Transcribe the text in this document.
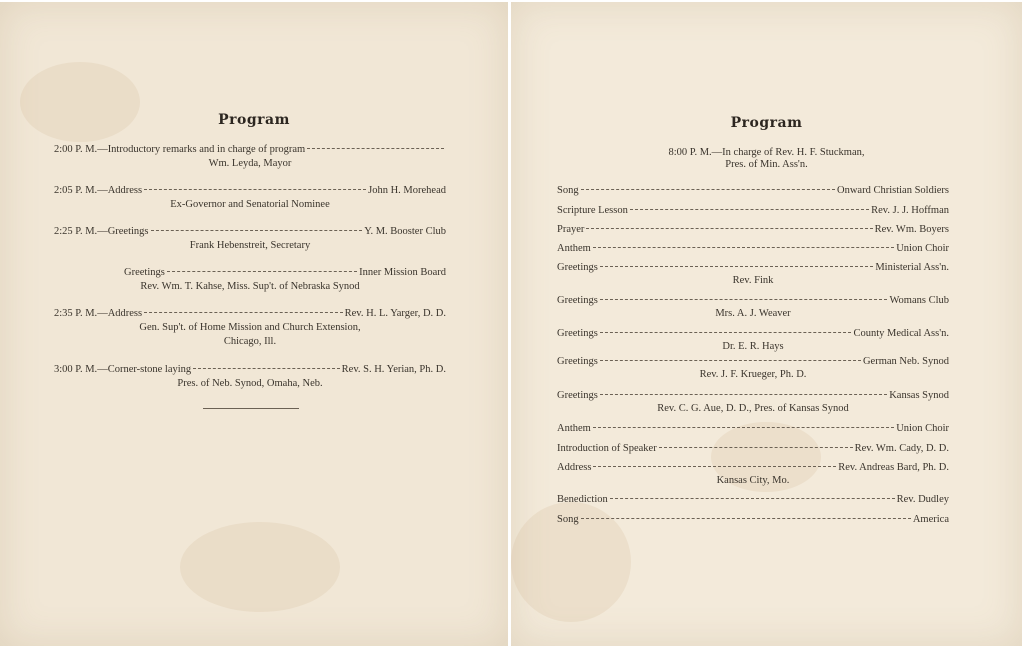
Program
2:00 P. M. — Introductory remarks and in charge of program
Wm. Leyda, Mayor
2:05 P. M. — Address	John H. Morehead
Ex-Governor and Senatorial Nominee
2:25 P. M. — Greetings	Y. M. Booster Club
Frank Hebenstreit, Secretary
Greetings	Inner Mission Board
Rev. Wm. T. Kahse, Miss. Sup't. of Nebraska Synod
2:35 P. M. — Address	Rev. H. L. Yarger, D. D.
Gen. Sup't. of Home Mission and Church Extension,
Chicago, Ill.
3:00 P. M. — Corner-stone laying	Rev. S. H. Yerian, Ph. D.
Pres. of Neb. Synod, Omaha, Neb.
Program
8:00 P. M.—In charge of Rev. H. F. Stuckman,
Pres. of Min. Ass'n.
Song	Onward Christian Soldiers
Scripture Lesson	Rev. J. J. Hoffman
Prayer	Rev. Wm. Boyers
Anthem	Union Choir
Greetings	Ministerial Ass'n.
Rev. Fink
Greetings	Womans Club
Mrs. A. J. Weaver
Greetings	County Medical Ass'n.
Dr. E. R. Hays
Greetings	German Neb. Synod
Rev. J. F. Krueger, Ph. D.
Greetings	Kansas Synod
Rev. C. G. Aue, D. D., Pres. of Kansas Synod
Anthem	Union Choir
Introduction of Speaker	Rev. Wm. Cady, D. D.
Address	Rev. Andreas Bard, Ph. D.
Kansas City, Mo.
Benediction	Rev. Dudley
Song	America
